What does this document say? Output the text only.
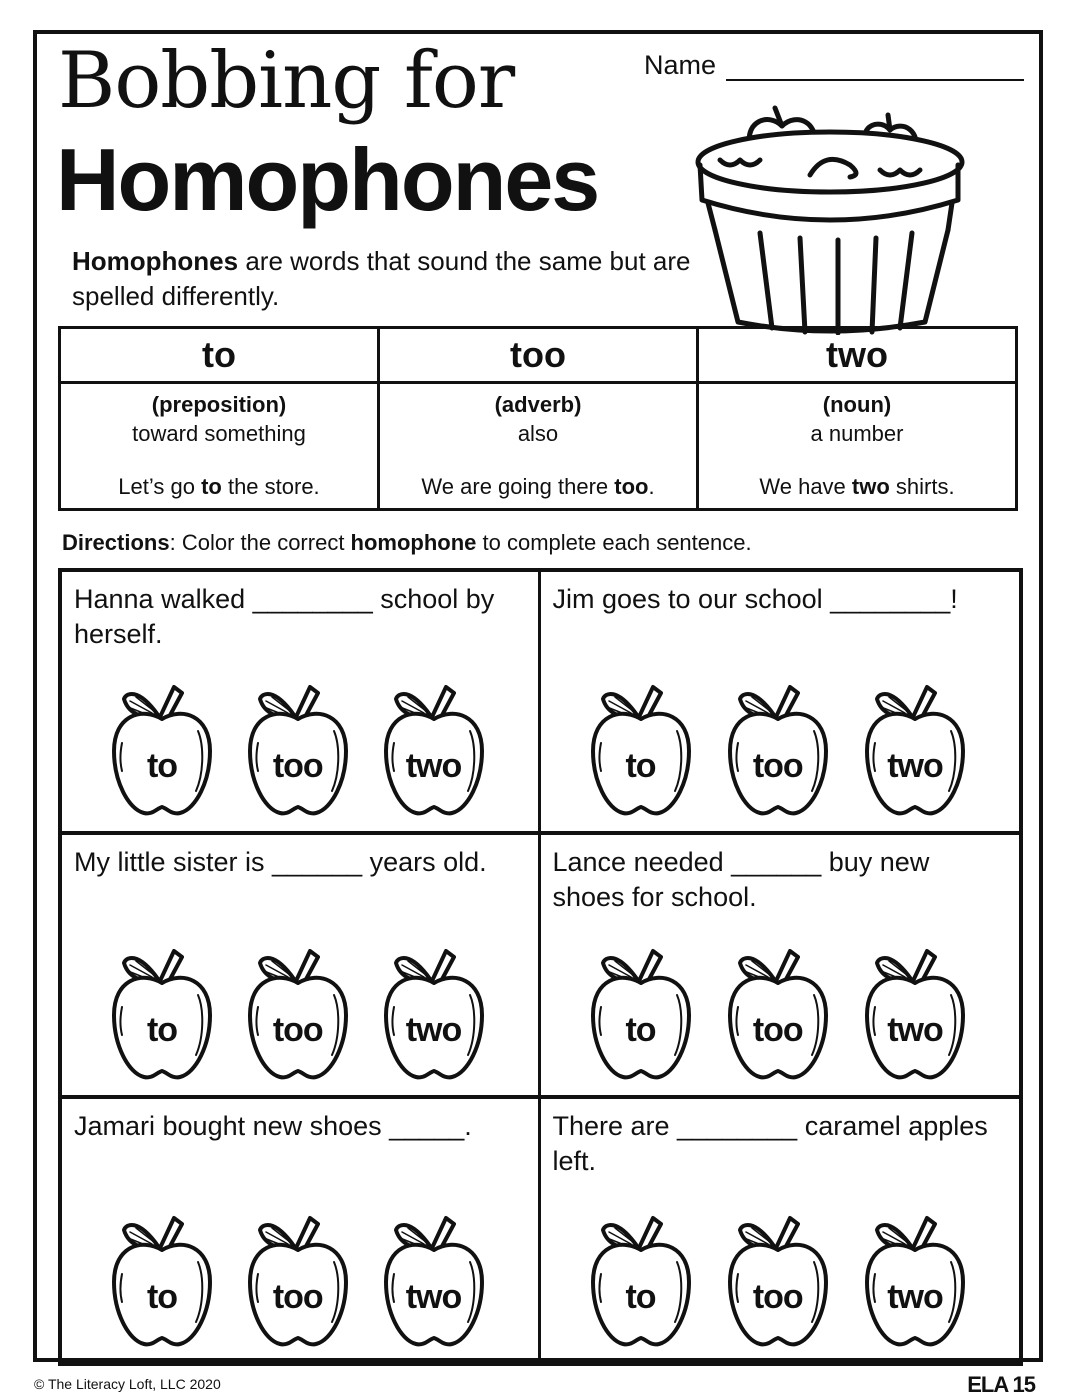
Bobbing for
Homophones
Name
Homophones are words that sound the same but are spelled differently.
to	too	two

(preposition)
toward something
Let’s go to the store.

(adverb)
also
We are going there too.

(noun)
a number
We have two shirts.
Directions: Color the correct homophone to complete each sentence.
Hanna walked ________ school by herself.
to	too	two
Jim goes to our school ________!
to	too	two
My little sister is ______ years old.
to	too	two
Lance needed ______ buy new shoes for school.
to	too	two
Jamari bought new shoes _____.
to	too	two
There are ________ caramel apples left.
to	too	two
© The Literacy Loft, LLC 2020	ELA 15
